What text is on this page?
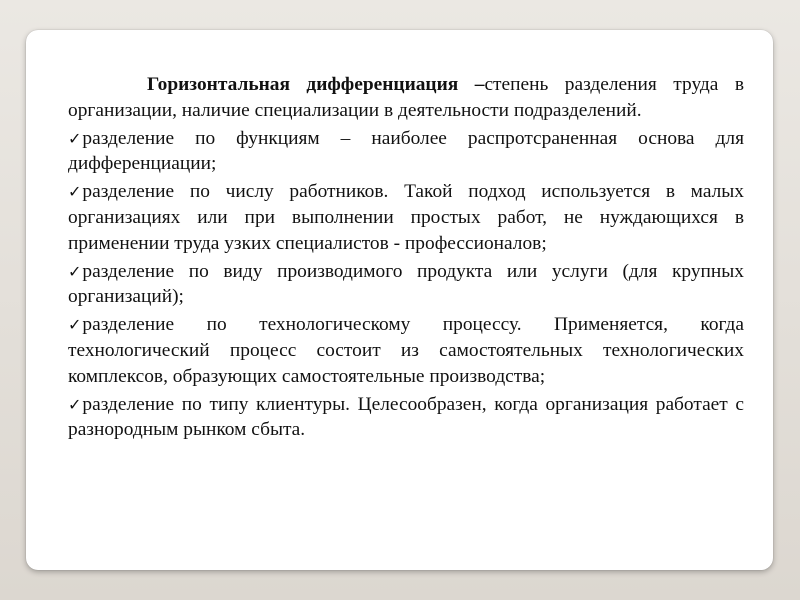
Горизонтальная дифференциация –степень разделения труда в организации, наличие специализации в деятельности подразделений.

✓разделение по функциям – наиболее распротсраненная основа для дифференциации;

✓разделение по числу работников. Такой подход используется в малых организациях или при выполнении простых работ, не нуждающихся в применении труда узких специалистов - профессионалов;

✓разделение по виду производимого продукта или услуги (для крупных организаций);

✓разделение по технологическому процессу. Применяется, когда технологический процесс состоит из самостоятельных технологических комплексов, образующих самостоятельные производства;

✓разделение по типу клиентуры. Целесообразен, когда организация работает с разнородным рынком сбыта.
